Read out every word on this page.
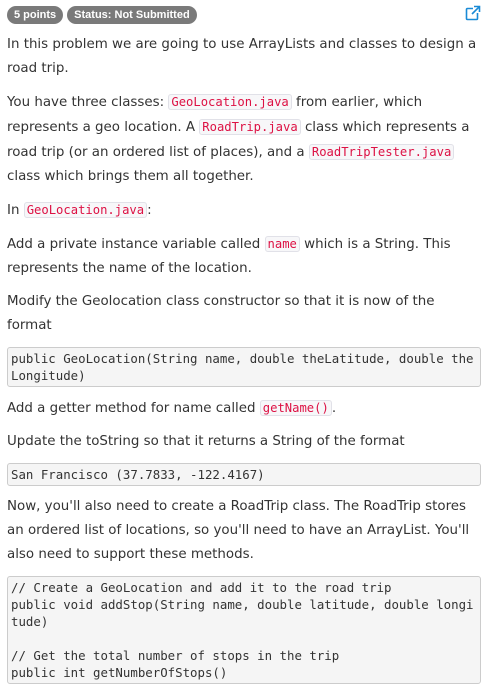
5 points	Status: Not Submitted

In this problem we are going to use ArrayLists and classes to design a road trip.

You have three classes: GeoLocation.java from earlier, which represents a geo location. A RoadTrip.java class which represents a road trip (or an ordered list of places), and a RoadTripTester.java class which brings them all together.

In GeoLocation.java :

Add a private instance variable called name which is a String. This represents the name of the location.

Modify the Geolocation class constructor so that it is now of the format

public GeoLocation(String name, double theLatitude, double theLongitude)

Add a getter method for name called getName() .

Update the toString so that it returns a String of the format

San Francisco (37.7833, -122.4167)

Now, you'll also need to create a RoadTrip class. The RoadTrip stores an ordered list of locations, so you'll need to have an ArrayList. You'll also need to support these methods.

// Create a GeoLocation and add it to the road trip
public void addStop(String name, double latitude, double longitude)

// Get the total number of stops in the trip
public int getNumberOfStops()
